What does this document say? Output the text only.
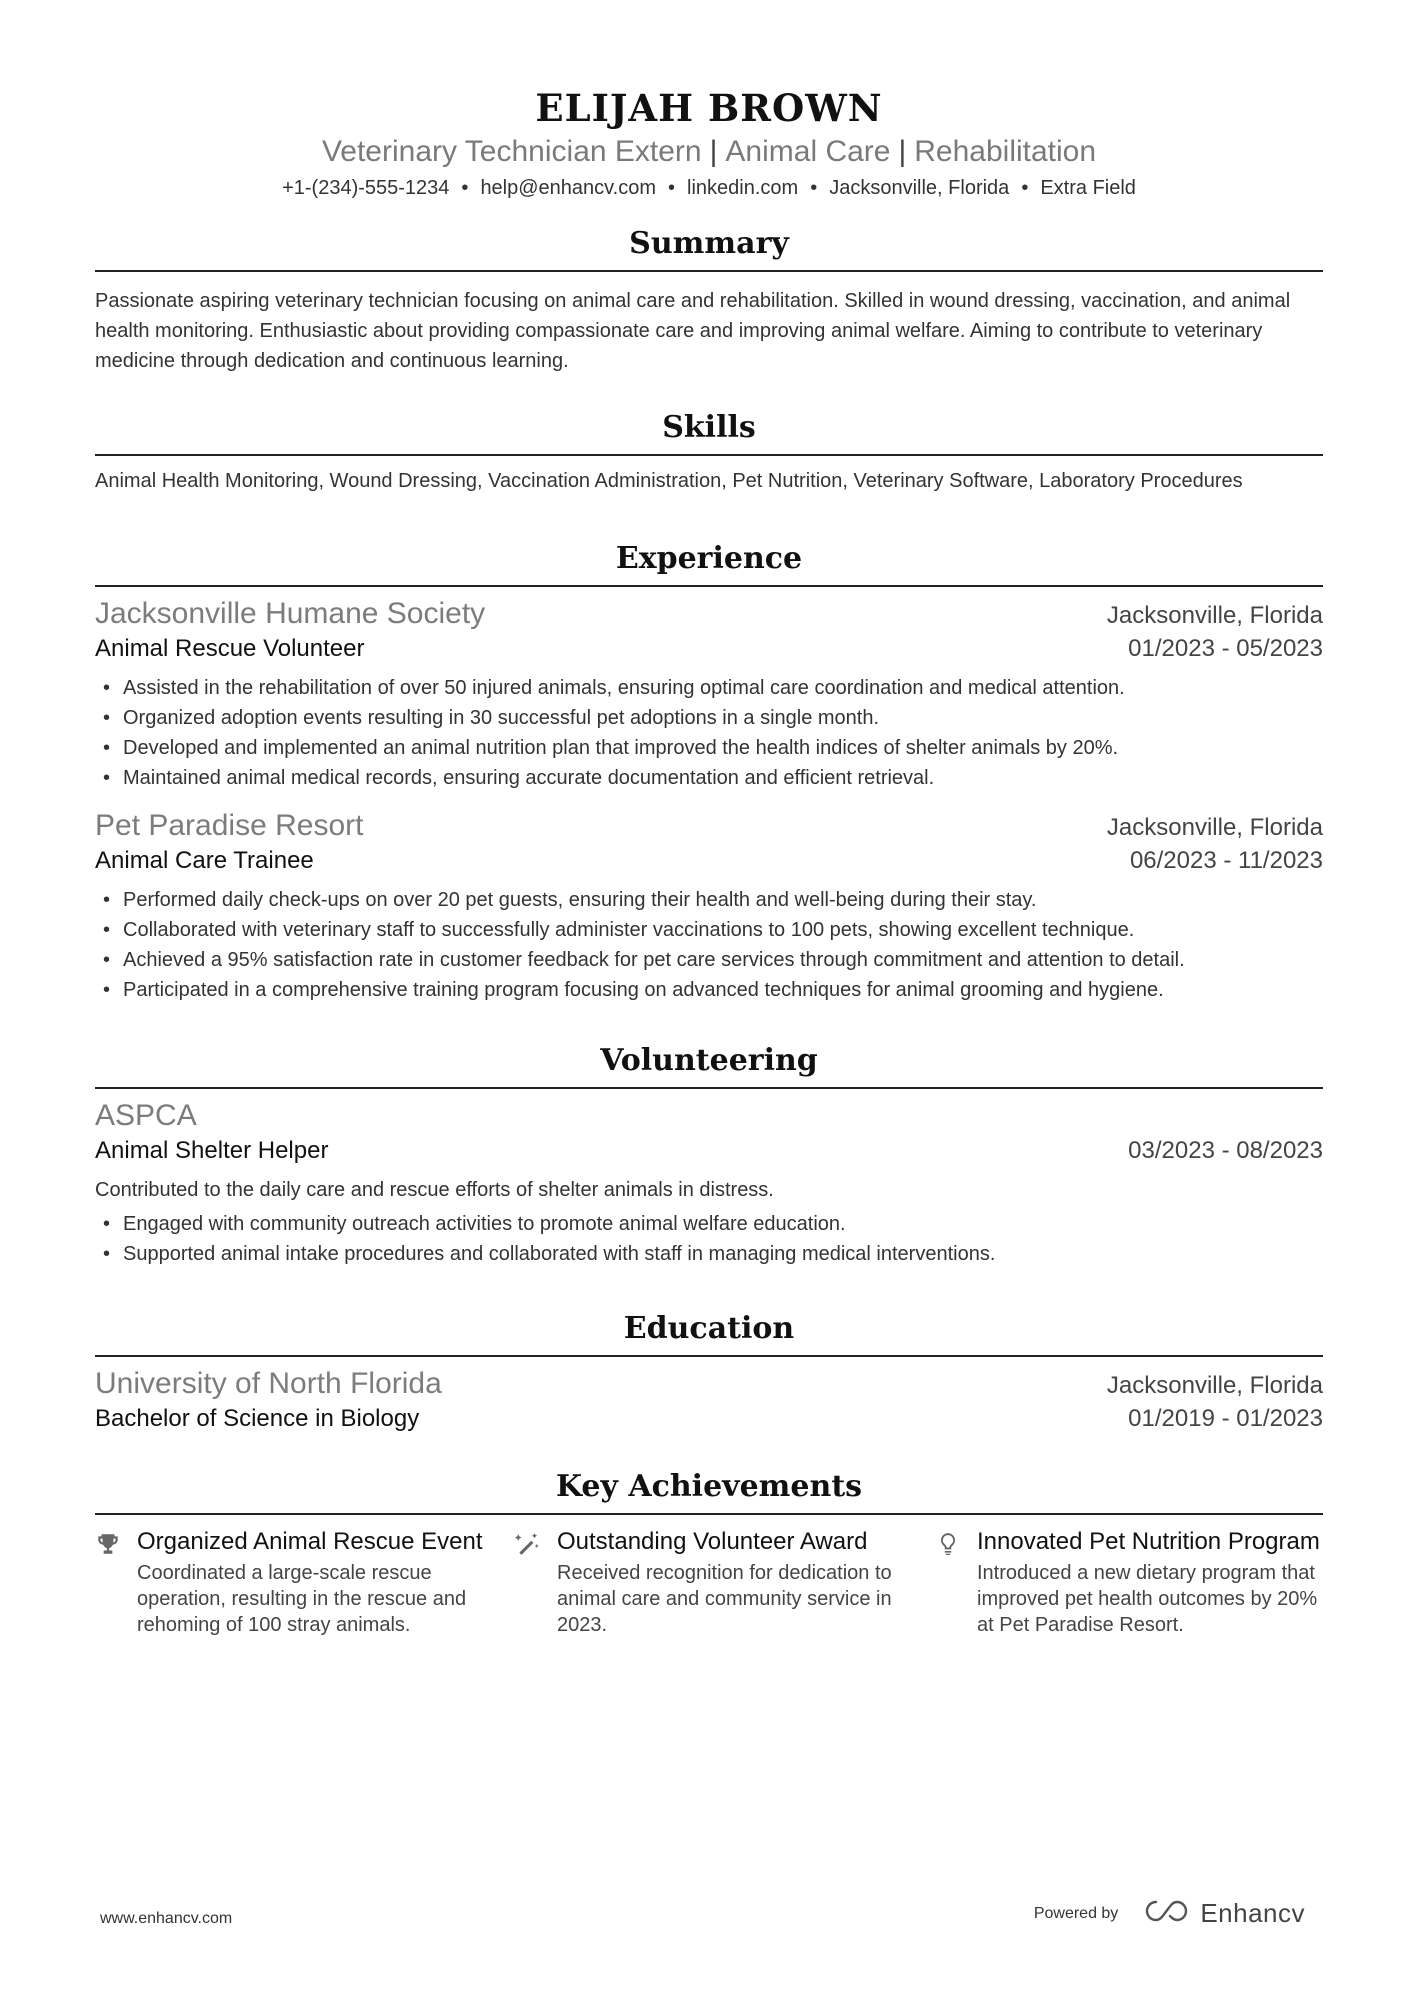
ELIJAH BROWN
Veterinary Technician Extern | Animal Care | Rehabilitation
+1-(234)-555-1234 • help@enhancv.com • linkedin.com • Jacksonville, Florida • Extra Field
Summary
Passionate aspiring veterinary technician focusing on animal care and rehabilitation. Skilled in wound dressing, vaccination, and animal health monitoring. Enthusiastic about providing compassionate care and improving animal welfare. Aiming to contribute to veterinary medicine through dedication and continuous learning.
Skills
Animal Health Monitoring, Wound Dressing, Vaccination Administration, Pet Nutrition, Veterinary Software, Laboratory Procedures
Experience
Jacksonville Humane Society	Jacksonville, Florida
Animal Rescue Volunteer	01/2023 - 05/2023
• Assisted in the rehabilitation of over 50 injured animals, ensuring optimal care coordination and medical attention.
• Organized adoption events resulting in 30 successful pet adoptions in a single month.
• Developed and implemented an animal nutrition plan that improved the health indices of shelter animals by 20%.
• Maintained animal medical records, ensuring accurate documentation and efficient retrieval.
Pet Paradise Resort	Jacksonville, Florida
Animal Care Trainee	06/2023 - 11/2023
• Performed daily check-ups on over 20 pet guests, ensuring their health and well-being during their stay.
• Collaborated with veterinary staff to successfully administer vaccinations to 100 pets, showing excellent technique.
• Achieved a 95% satisfaction rate in customer feedback for pet care services through commitment and attention to detail.
• Participated in a comprehensive training program focusing on advanced techniques for animal grooming and hygiene.
Volunteering
ASPCA
Animal Shelter Helper	03/2023 - 08/2023
Contributed to the daily care and rescue efforts of shelter animals in distress.
• Engaged with community outreach activities to promote animal welfare education.
• Supported animal intake procedures and collaborated with staff in managing medical interventions.
Education
University of North Florida	Jacksonville, Florida
Bachelor of Science in Biology	01/2019 - 01/2023
Key Achievements
Organized Animal Rescue Event
Coordinated a large-scale rescue operation, resulting in the rescue and rehoming of 100 stray animals.
Outstanding Volunteer Award
Received recognition for dedication to animal care and community service in 2023.
Innovated Pet Nutrition Program
Introduced a new dietary program that improved pet health outcomes by 20% at Pet Paradise Resort.
www.enhancv.com	Powered by	Enhancv
